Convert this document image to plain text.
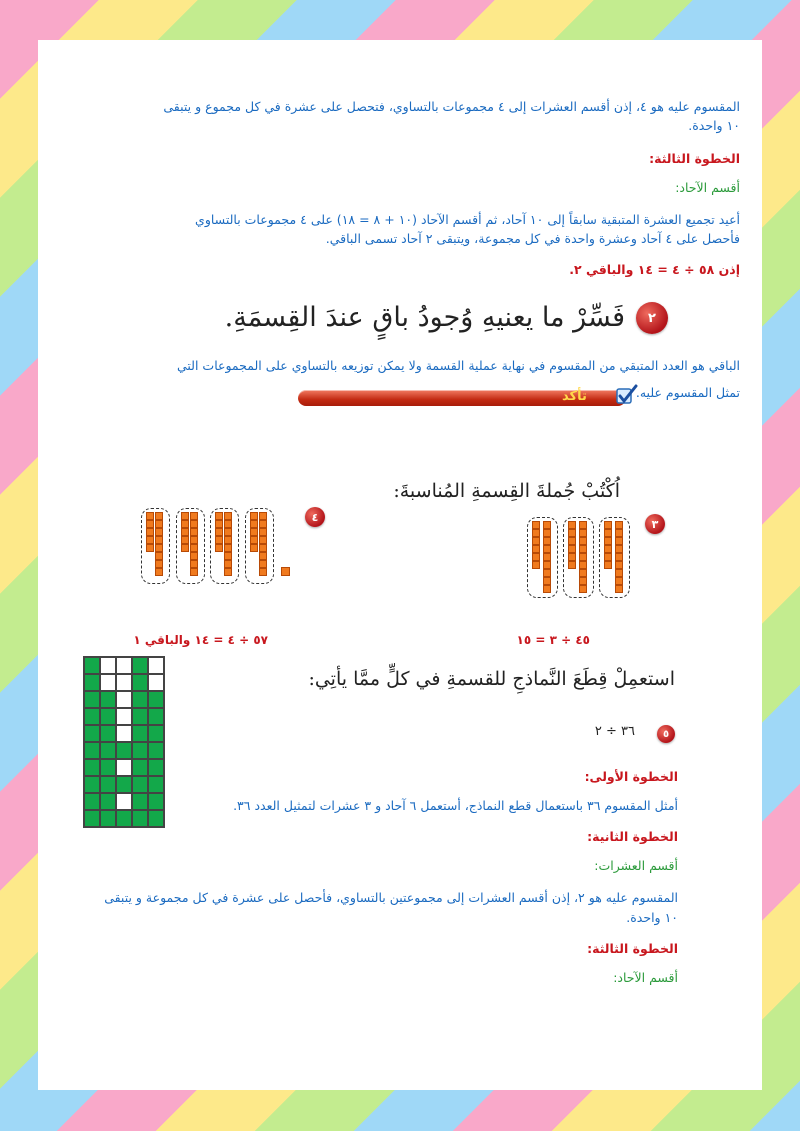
المقسوم عليه هو ٤، إذن أقسم العشرات إلى ٤ مجموعات بالتساوي، فتحصل على عشرة في كل مجموع و يتبقى
١٠ واحدة.
الخطوة الثالثة:
أقسم الآحاد:
أعيد تجميع العشرة المتبقية سابقاً إلى ١٠ آحاد، ثم أقسم الآحاد (١٠ + ٨ = ١٨) على ٤ مجموعات بالتساوي
فأحصل على ٤ آحاد وعشرة واحدة في كل مجموعة، ويتبقى ٢ آحاد تسمى الباقي.
إذن ٥٨ ÷ ٤ = ١٤ والباقي ٢.
٢
فَسِّرْ ما يعنيهِ وُجودُ باقٍ عندَ القِسمَةِ.
الباقي هو العدد المتبقي من المقسوم في نهاية عملية القسمة ولا يمكن توزيعه بالتساوي على المجموعات التي
تمثل المقسوم عليه.
تأكد
اُكْتُبْ جُملةَ القِسمةِ المُناسبةَ:
٣
٤
٤٥ ÷ ٣ = ١٥
٥٧ ÷ ٤ = ١٤ والباقي ١
استعمِلْ قِطَعَ النَّماذجِ للقسمةِ في كلٍّ ممَّا يأتِي:
٥
٣٦ ÷ ٢
الخطوة الأولى:
أمثل المقسوم ٣٦ باستعمال قطع النماذج، أستعمل ٦ آحاد و ٣ عشرات لتمثيل العدد ٣٦.
الخطوة الثانية:
أقسم العشرات:
المقسوم عليه هو ٢، إذن أقسم العشرات إلى مجموعتين بالتساوي، فأحصل على عشرة في كل مجموعة و يتبقى
١٠ واحدة.
الخطوة الثالثة:
أقسم الآحاد:
